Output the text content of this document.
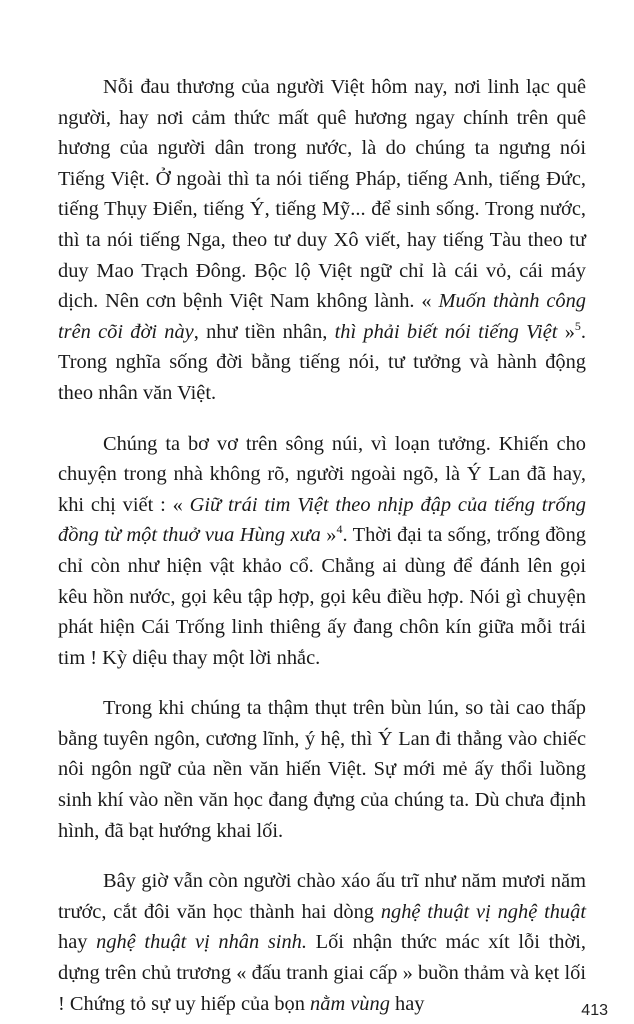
Nỗi đau thương của người Việt hôm nay, nơi linh lạc quê người, hay nơi cảm thức mất quê hương ngay chính trên quê hương của người dân trong nước, là do chúng ta ngưng nói Tiếng Việt. Ở ngoài thì ta nói tiếng Pháp, tiếng Anh, tiếng Đức, tiếng Thụy Điển, tiếng Ý, tiếng Mỹ... để sinh sống. Trong nước, thì ta nói tiếng Nga, theo tư duy Xô viết, hay tiếng Tàu theo tư duy Mao Trạch Đông. Bộc lộ Việt ngữ chỉ là cái vỏ, cái máy dịch. Nên cơn bệnh Việt Nam không lành. « Muốn thành công trên cõi đời này, như tiền nhân, thì phải biết nói tiếng Việt »$^5$. Trong nghĩa sống đời bằng tiếng nói, tư tưởng và hành động theo nhân văn Việt.

Chúng ta bơ vơ trên sông núi, vì loạn tưởng. Khiến cho chuyện trong nhà không rõ, người ngoài ngõ, là Ý Lan đã hay, khi chị viết : « Giữ trái tim Việt theo nhịp đập của tiếng trống đồng từ một thuở vua Hùng xưa »$^4$. Thời đại ta sống, trống đồng chỉ còn như hiện vật khảo cổ. Chẳng ai dùng để đánh lên gọi kêu hồn nước, gọi kêu tập hợp, gọi kêu điều hợp. Nói gì chuyện phát hiện Cái Trống linh thiêng ấy đang chôn kín giữa mỗi trái tim ! Kỳ diệu thay một lời nhắc.

Trong khi chúng ta thậm thụt trên bùn lún, so tài cao thấp bằng tuyên ngôn, cương lĩnh, ý hệ, thì Ý Lan đi thẳng vào chiếc nôi ngôn ngữ của nền văn hiến Việt. Sự mới mẻ ấy thổi luồng sinh khí vào nền văn học đang đựng của chúng ta. Dù chưa định hình, đã bạt hướng khai lối.

Bây giờ vẫn còn người chào xáo ấu trĩ như năm mươi năm trước, cắt đôi văn học thành hai dòng nghệ thuật vị nghệ thuật hay nghệ thuật vị nhân sinh. Lối nhận thức mác xít lỗi thời, dựng trên chủ trương « đấu tranh giai cấp » buồn thảm và kẹt lối ! Chứng tỏ sự uy hiếp của bọn nằm vùng hay	413
